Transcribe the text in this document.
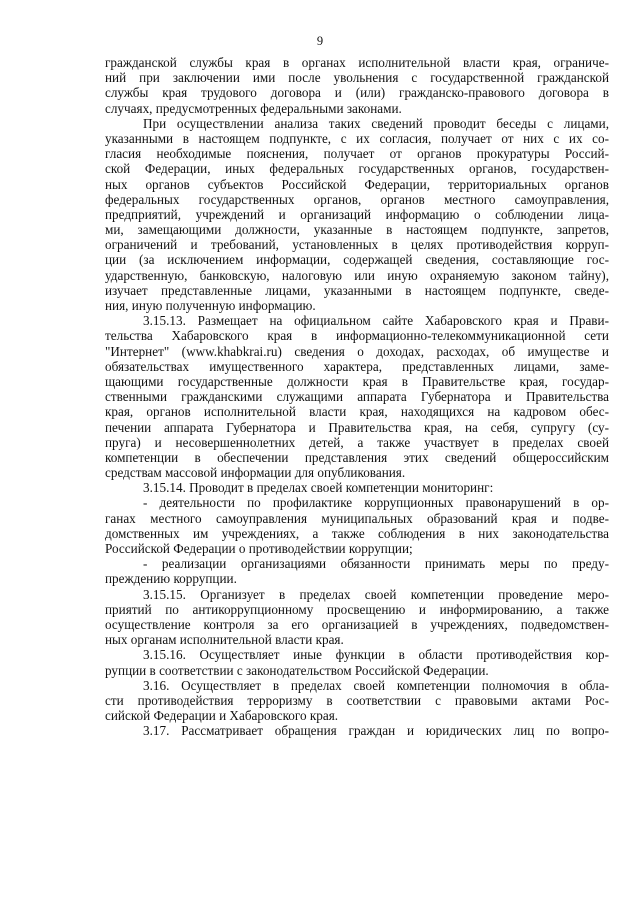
9
гражданской службы края в органах исполнительной власти края, ограниче-
ний при заключении ими после увольнения с государственной гражданской
службы края трудового договора и (или) гражданско-правового договора в
случаях, предусмотренных федеральными законами.
При осуществлении анализа таких сведений проводит беседы с лицами,
указанными в настоящем подпункте, с их согласия, получает от них с их со-
гласия необходимые пояснения, получает от органов прокуратуры Россий-
ской Федерации, иных федеральных государственных органов, государствен-
ных органов субъектов Российской Федерации, территориальных органов
федеральных государственных органов, органов местного самоуправления,
предприятий, учреждений и организаций информацию о соблюдении лица-
ми, замещающими должности, указанные в настоящем подпункте, запретов,
ограничений и требований, установленных в целях противодействия корруп-
ции (за исключением информации, содержащей сведения, составляющие гос-
ударственную, банковскую, налоговую или иную охраняемую законом тайну),
изучает представленные лицами, указанными в настоящем подпункте, сведе-
ния, иную полученную информацию.
3.15.13. Размещает на официальном сайте Хабаровского края и Прави-
тельства Хабаровского края в информационно-телекоммуникационной сети
"Интернет" (www.khabkrai.ru) сведения о доходах, расходах, об имуществе и
обязательствах имущественного характера, представленных лицами, заме-
щающими государственные должности края в Правительстве края, государ-
ственными гражданскими служащими аппарата Губернатора и Правительства
края, органов исполнительной власти края, находящихся на кадровом обес-
печении аппарата Губернатора и Правительства края, на себя, супругу (су-
пруга) и несовершеннолетних детей, а также участвует в пределах своей
компетенции в обеспечении представления этих сведений общероссийским
средствам массовой информации для опубликования.
3.15.14. Проводит в пределах своей компетенции мониторинг:
- деятельности по профилактике коррупционных правонарушений в ор-
ганах местного самоуправления муниципальных образований края и подве-
домственных им учреждениях, а также соблюдения в них законодательства
Российской Федерации о противодействии коррупции;
- реализации организациями обязанности принимать меры по преду-
преждению коррупции.
3.15.15. Организует в пределах своей компетенции проведение меро-
приятий по антикоррупционному просвещению и информированию, а также
осуществление контроля за его организацией в учреждениях, подведомствен-
ных органам исполнительной власти края.
3.15.16. Осуществляет иные функции в области противодействия кор-
рупции в соответствии с законодательством Российской Федерации.
3.16. Осуществляет в пределах своей компетенции полномочия в обла-
сти противодействия терроризму в соответствии с правовыми актами Рос-
сийской Федерации и Хабаровского края.
3.17. Рассматривает обращения граждан и юридических лиц по вопро-
